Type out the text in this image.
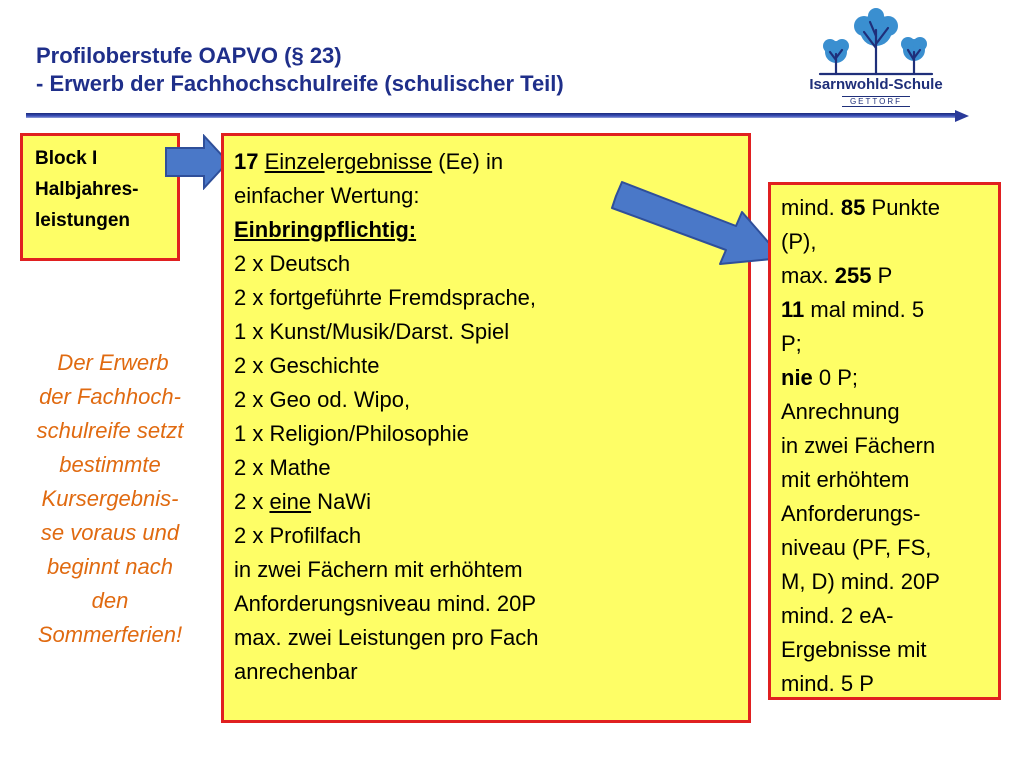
Profiloberstufe OAPVO (§ 23)
- Erwerb der Fachhochschulreife (schulischer Teil)	Isarnwohld-Schule
GETTORF
Block I
Halbjahres-
leistungen
17 Einzelergebnisse (Ee) in
einfacher Wertung:
Einbringpflichtig:
2 x Deutsch
2 x fortgeführte Fremdsprache,
1 x Kunst/Musik/Darst. Spiel
2 x Geschichte
2 x Geo od. Wipo,
1 x Religion/Philosophie
2 x Mathe
2 x eine NaWi
2 x Profilfach
in zwei Fächern mit erhöhtem
Anforderungsniveau mind. 20P
max. zwei Leistungen pro Fach
anrechenbar
mind. 85 Punkte
(P),
max. 255 P
11 mal mind. 5
P;
nie 0 P;
Anrechnung
in zwei Fächern
mit erhöhtem
Anforderungs-
niveau (PF, FS,
M, D) mind. 20P
mind. 2 eA-
Ergebnisse mit
mind. 5 P
Der Erwerb
der Fachhoch-
schulreife setzt
bestimmte
Kursergebnis-
se voraus und
beginnt nach
den
Sommerferien!
